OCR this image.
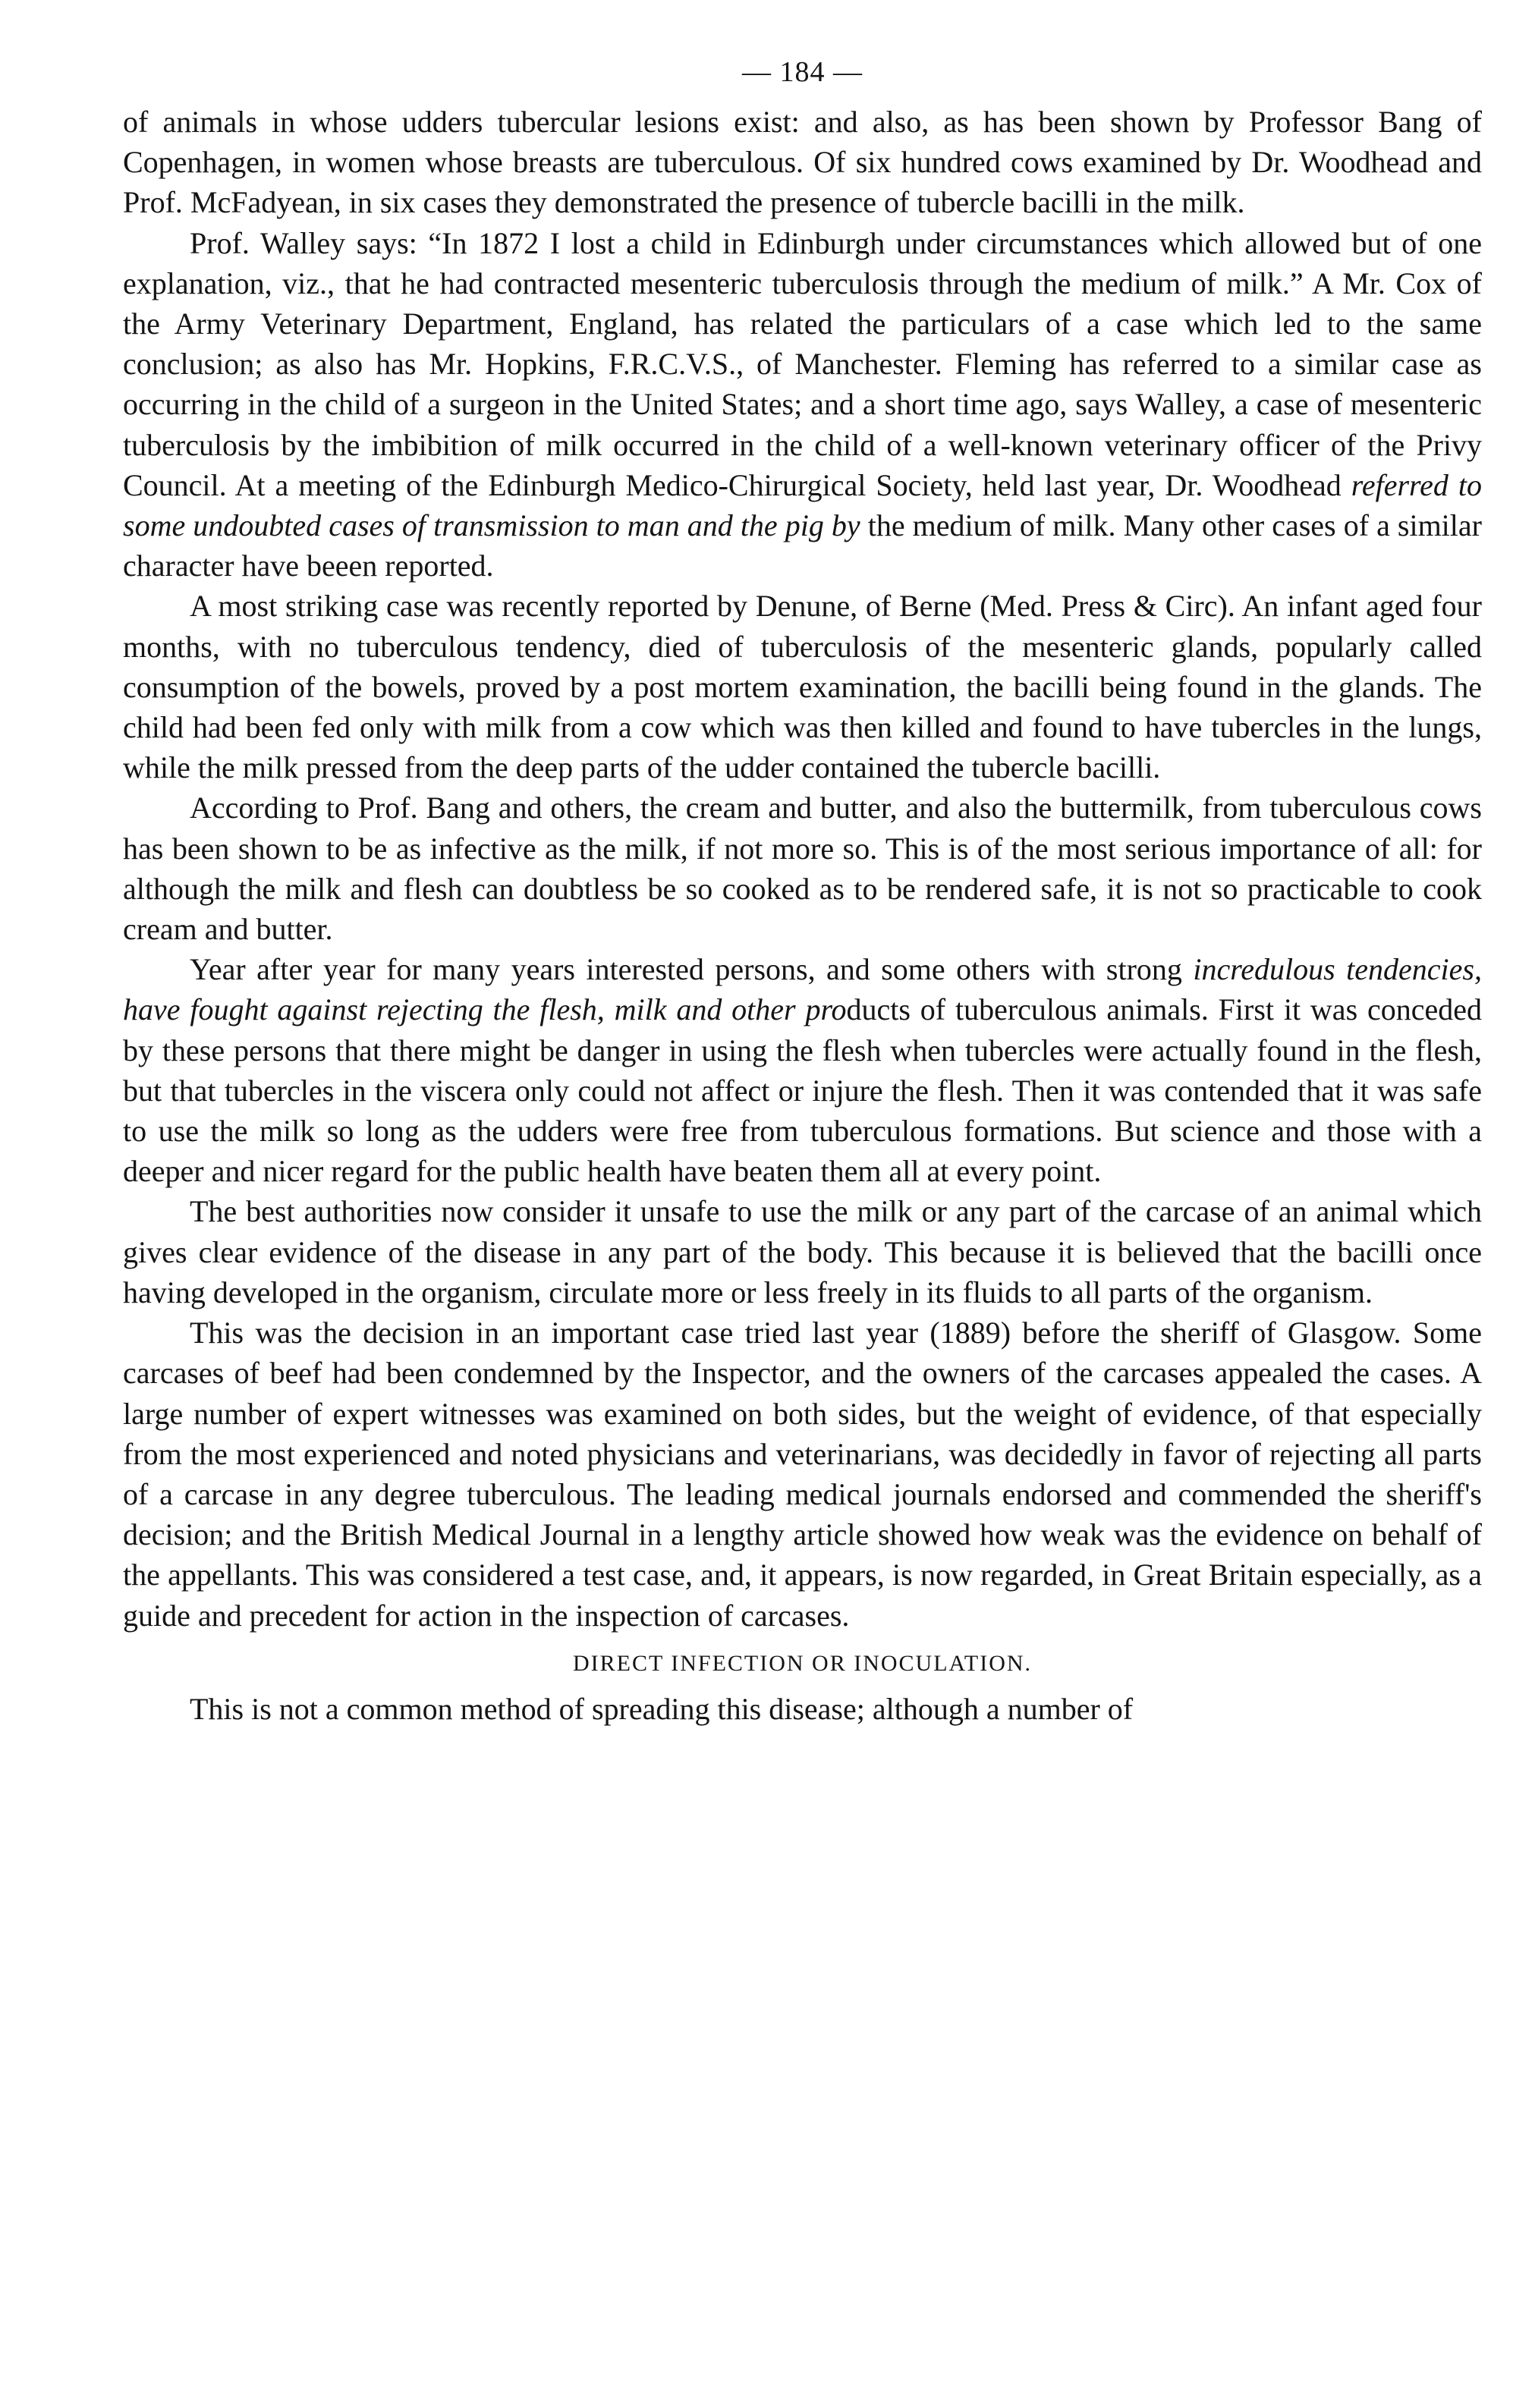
— 184 —

of animals in whose udders tubercular lesions exist: and also, as has been shown by Professor Bang of Copenhagen, in women whose breasts are tuberculous. Of six hundred cows examined by Dr. Woodhead and Prof. McFadyean, in six cases they demonstrated the presence of tubercle bacilli in the milk.

Prof. Walley says: “In 1872 I lost a child in Edinburgh under circumstances which allowed but of one explanation, viz., that he had contracted mesenteric tuberculosis through the medium of milk.” A Mr. Cox of the Army Veterinary Department, England, has related the particulars of a case which led to the same conclusion; as also has Mr. Hopkins, F.R.C.V.S., of Manchester. Fleming has referred to a similar case as occurring in the child of a surgeon in the United States; and a short time ago, says Walley, a case of mesenteric tuberculosis by the imbibition of milk occurred in the child of a well-known veterinary officer of the Privy Council. At a meeting of the Edinburgh Medico-Chirurgical Society, held last year, Dr. Woodhead referred to some undoubted cases of transmission to man and the pig by the medium of milk. Many other cases of a similar character have beeen reported.

A most striking case was recently reported by Denune, of Berne (Med. Press & Circ). An infant aged four months, with no tuberculous tendency, died of tuberculosis of the mesenteric glands, popularly called consumption of the bowels, proved by a post mortem examination, the bacilli being found in the glands. The child had been fed only with milk from a cow which was then killed and found to have tubercles in the lungs, while the milk pressed from the deep parts of the udder contained the tubercle bacilli.

According to Prof. Bang and others, the cream and butter, and also the buttermilk, from tuberculous cows has been shown to be as infective as the milk, if not more so. This is of the most serious importance of all: for although the milk and flesh can doubtless be so cooked as to be rendered safe, it is not so practicable to cook cream and butter.

Year after year for many years interested persons, and some others with strong incredulous tendencies, have fought against rejecting the flesh, milk and other products of tuberculous animals. First it was conceded by these persons that there might be danger in using the flesh when tubercles were actually found in the flesh, but that tubercles in the viscera only could not affect or injure the flesh. Then it was contended that it was safe to use the milk so long as the udders were free from tuberculous formations. But science and those with a deeper and nicer regard for the public health have beaten them all at every point.

The best authorities now consider it unsafe to use the milk or any part of the carcase of an animal which gives clear evidence of the disease in any part of the body. This because it is believed that the bacilli once having developed in the organism, circulate more or less freely in its fluids to all parts of the organism.

This was the decision in an important case tried last year (1889) before the sheriff of Glasgow. Some carcases of beef had been condemned by the Inspector, and the owners of the carcases appealed the cases. A large number of expert witnesses was examined on both sides, but the weight of evidence, of that especially from the most experienced and noted physicians and veterinarians, was decidedly in favor of rejecting all parts of a carcase in any degree tuberculous. The leading medical journals endorsed and commended the sheriff's decision; and the British Medical Journal in a lengthy article showed how weak was the evidence on behalf of the appellants. This was considered a test case, and, it appears, is now regarded, in Great Britain especially, as a guide and precedent for action in the inspection of carcases.

DIRECT INFECTION OR INOCULATION.

This is not a common method of spreading this disease; although a number of
